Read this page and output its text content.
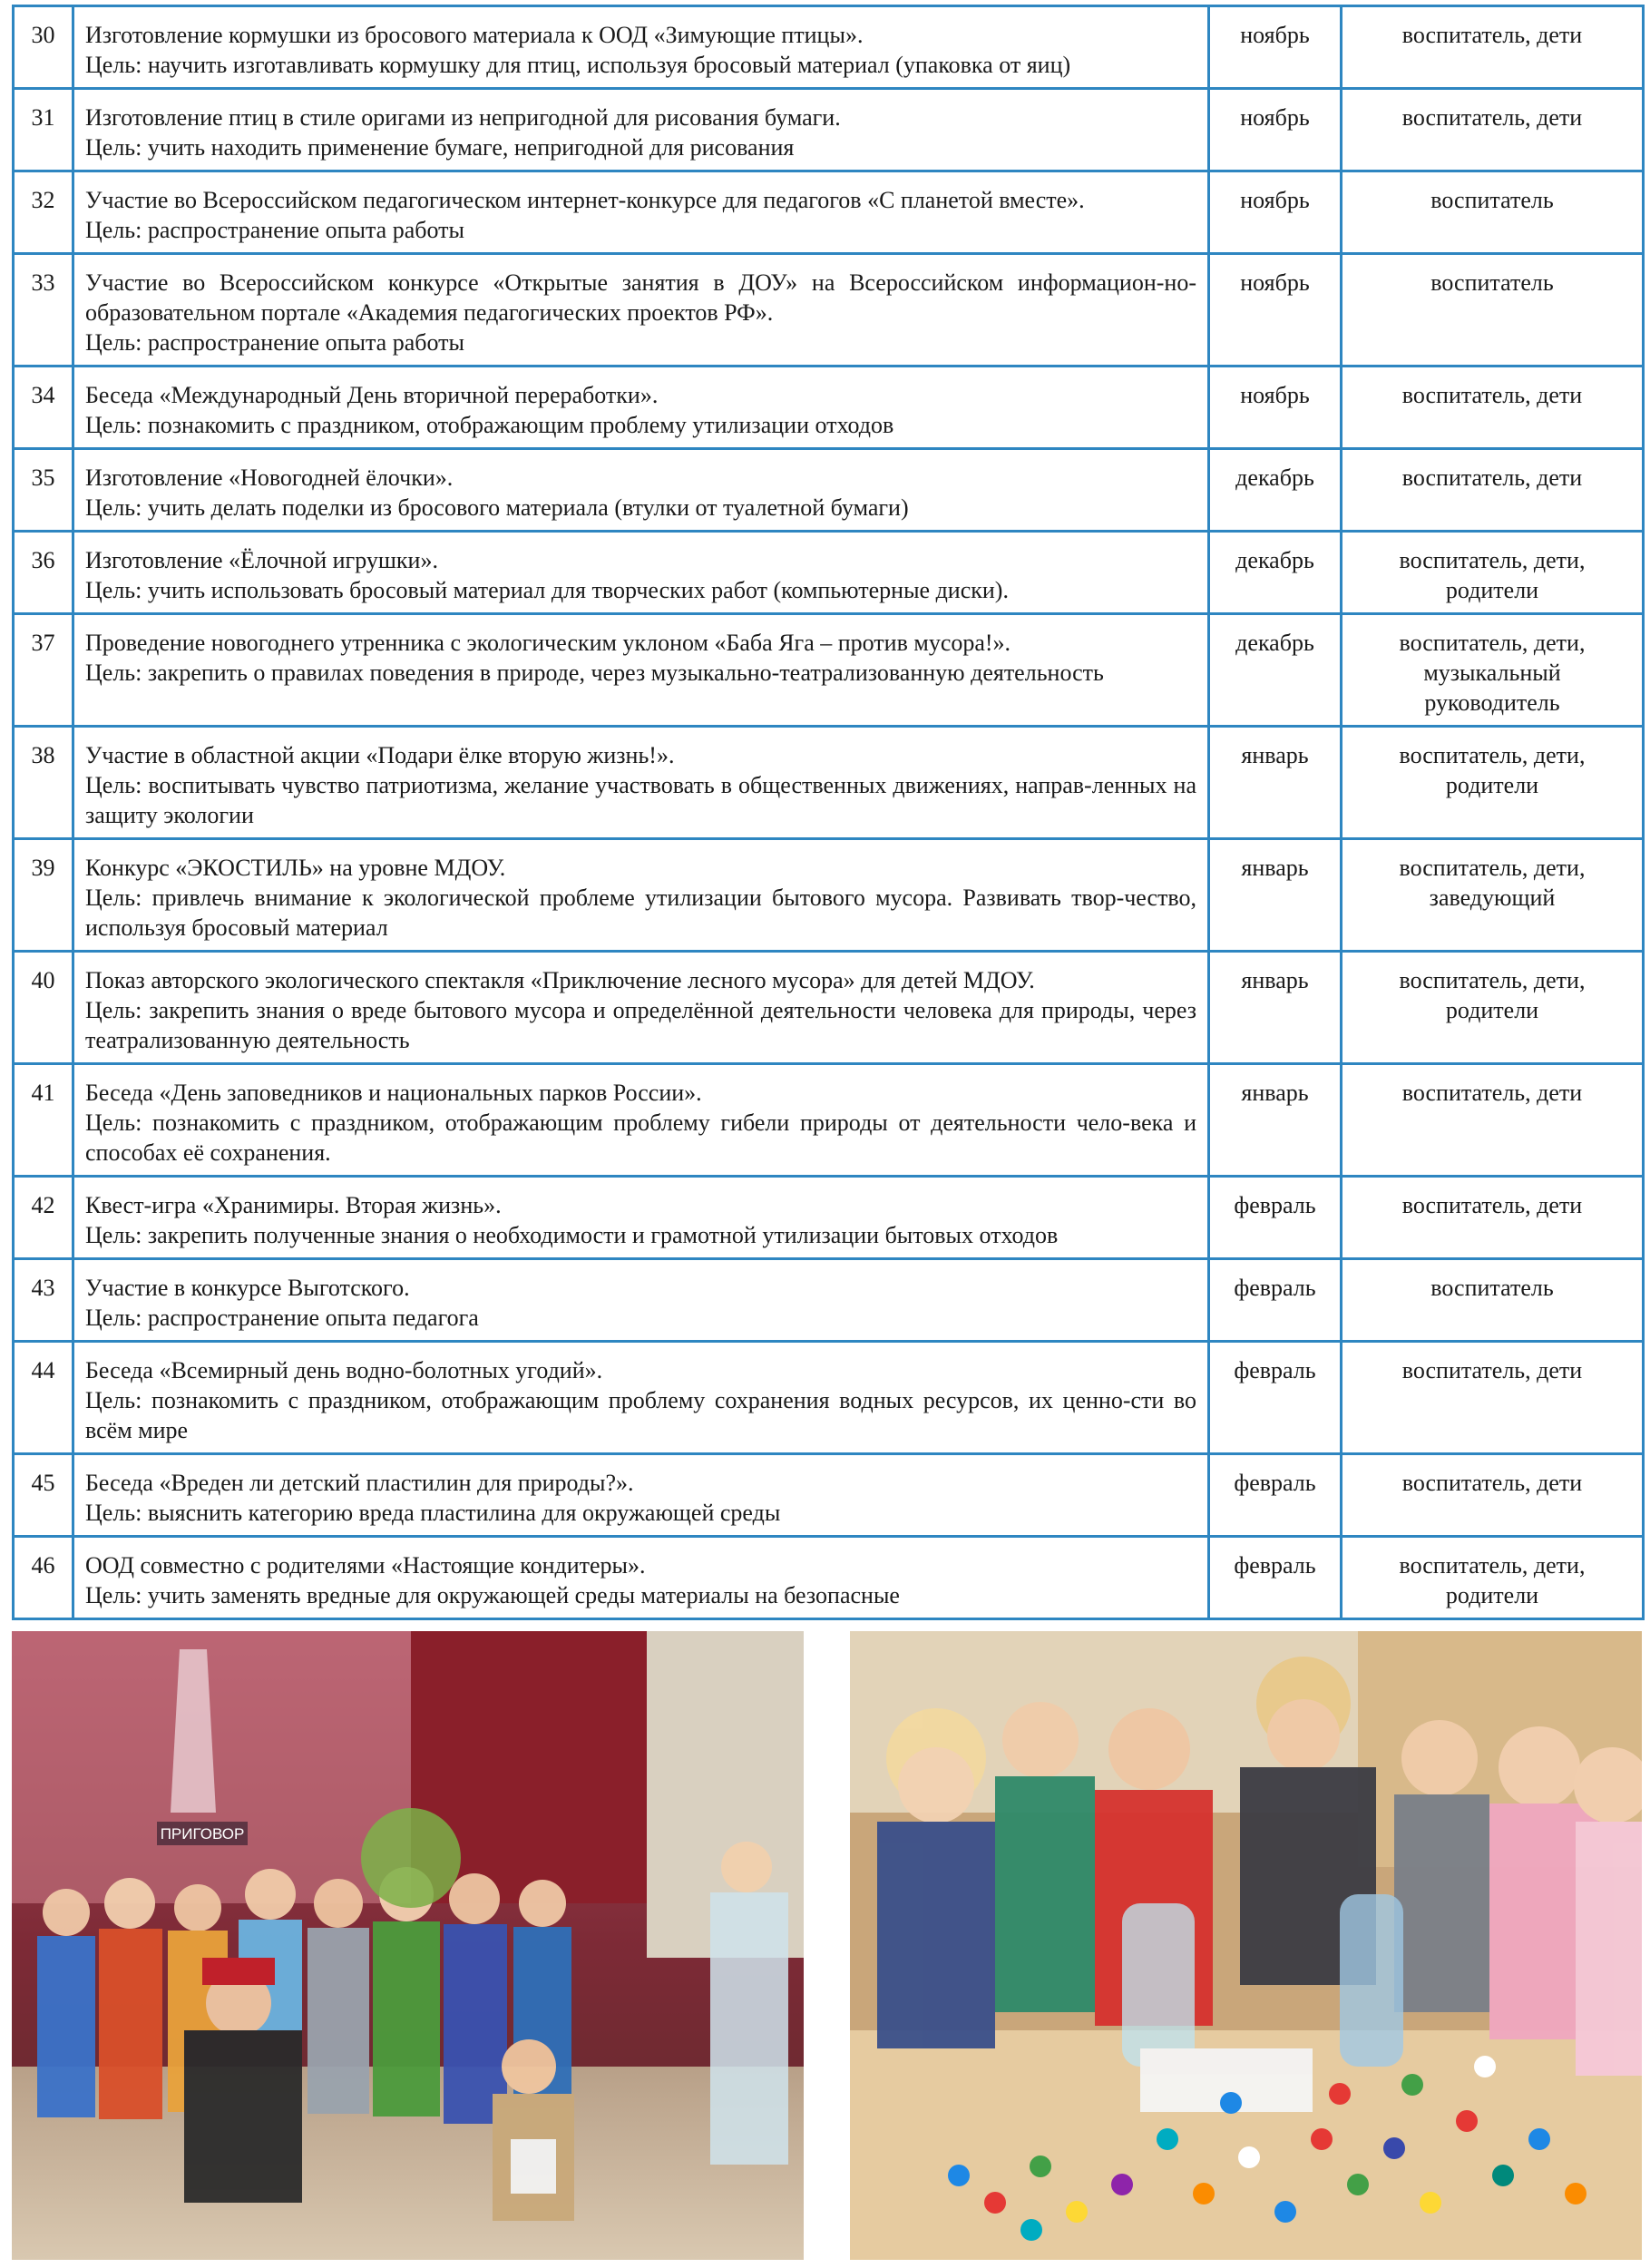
30	Изготовление кормушки из бросового материала к ООД «Зимующие птицы».
Цель: научить изготавливать кормушку для птиц, используя бросовый материал (упаковка от яиц)	ноябрь	воспитатель, дети
31	Изготовление птиц в стиле оригами из непригодной для рисования бумаги.
Цель: учить находить применение бумаге, непригодной для рисования	ноябрь	воспитатель, дети
32	Участие во Всероссийском педагогическом интернет-конкурсе для педагогов «С планетой вместе».
Цель: распространение опыта работы	ноябрь	воспитатель
33	Участие во Всероссийском конкурсе «Открытые занятия в ДОУ» на Всероссийском информацион-но-образовательном портале «Академия педагогических проектов РФ».
Цель: распространение опыта работы	ноябрь	воспитатель
34	Беседа «Международный День вторичной переработки».
Цель: познакомить с праздником, отображающим проблему утилизации отходов	ноябрь	воспитатель, дети
35	Изготовление «Новогодней ёлочки».
Цель: учить делать поделки из бросового материала (втулки от туалетной бумаги)	декабрь	воспитатель, дети
36	Изготовление «Ёлочной игрушки».
Цель: учить использовать бросовый материал для творческих работ (компьютерные диски).	декабрь	воспитатель, дети, родители
37	Проведение новогоднего утренника с экологическим уклоном «Баба Яга – против мусора!».
Цель: закрепить о правилах поведения в природе, через музыкально-театрализованную деятельность	декабрь	воспитатель, дети, музыкальный руководитель
38	Участие в областной акции «Подари ёлке вторую жизнь!».
Цель: воспитывать чувство патриотизма, желание участвовать в общественных движениях, направ-ленных на защиту экологии	январь	воспитатель, дети, родители
39	Конкурс «ЭКОСТИЛЬ» на уровне МДОУ.
Цель: привлечь внимание к экологической проблеме утилизации бытового мусора. Развивать твор-чество, используя бросовый материал	январь	воспитатель, дети, заведующий
40	Показ авторского экологического спектакля «Приключение лесного мусора» для детей МДОУ.
Цель: закрепить знания о вреде бытового мусора и определённой деятельности человека для природы, через театрализованную деятельность	январь	воспитатель, дети, родители
41	Беседа «День заповедников и национальных парков России».
Цель: познакомить с праздником, отображающим проблему гибели природы от деятельности чело-века и способах её сохранения.	январь	воспитатель, дети
42	Квест-игра «Хранимиры. Вторая жизнь».
Цель: закрепить полученные знания о необходимости и грамотной утилизации бытовых отходов	февраль	воспитатель, дети
43	Участие в конкурсе Выготского.
Цель: распространение опыта педагога	февраль	воспитатель
44	Беседа «Всемирный день водно-болотных угодий».
Цель: познакомить с праздником, отображающим проблему сохранения водных ресурсов, их ценно-сти во всём мире	февраль	воспитатель, дети
45	Беседа «Вреден ли детский пластилин для природы?».
Цель: выяснить категорию вреда пластилина для окружающей среды	февраль	воспитатель, дети
46	ООД совместно с родителями «Настоящие кондитеры».
Цель: учить заменять вредные для окружающей среды материалы на безопасные	февраль	воспитатель, дети, родители
ПРИГОВОР
